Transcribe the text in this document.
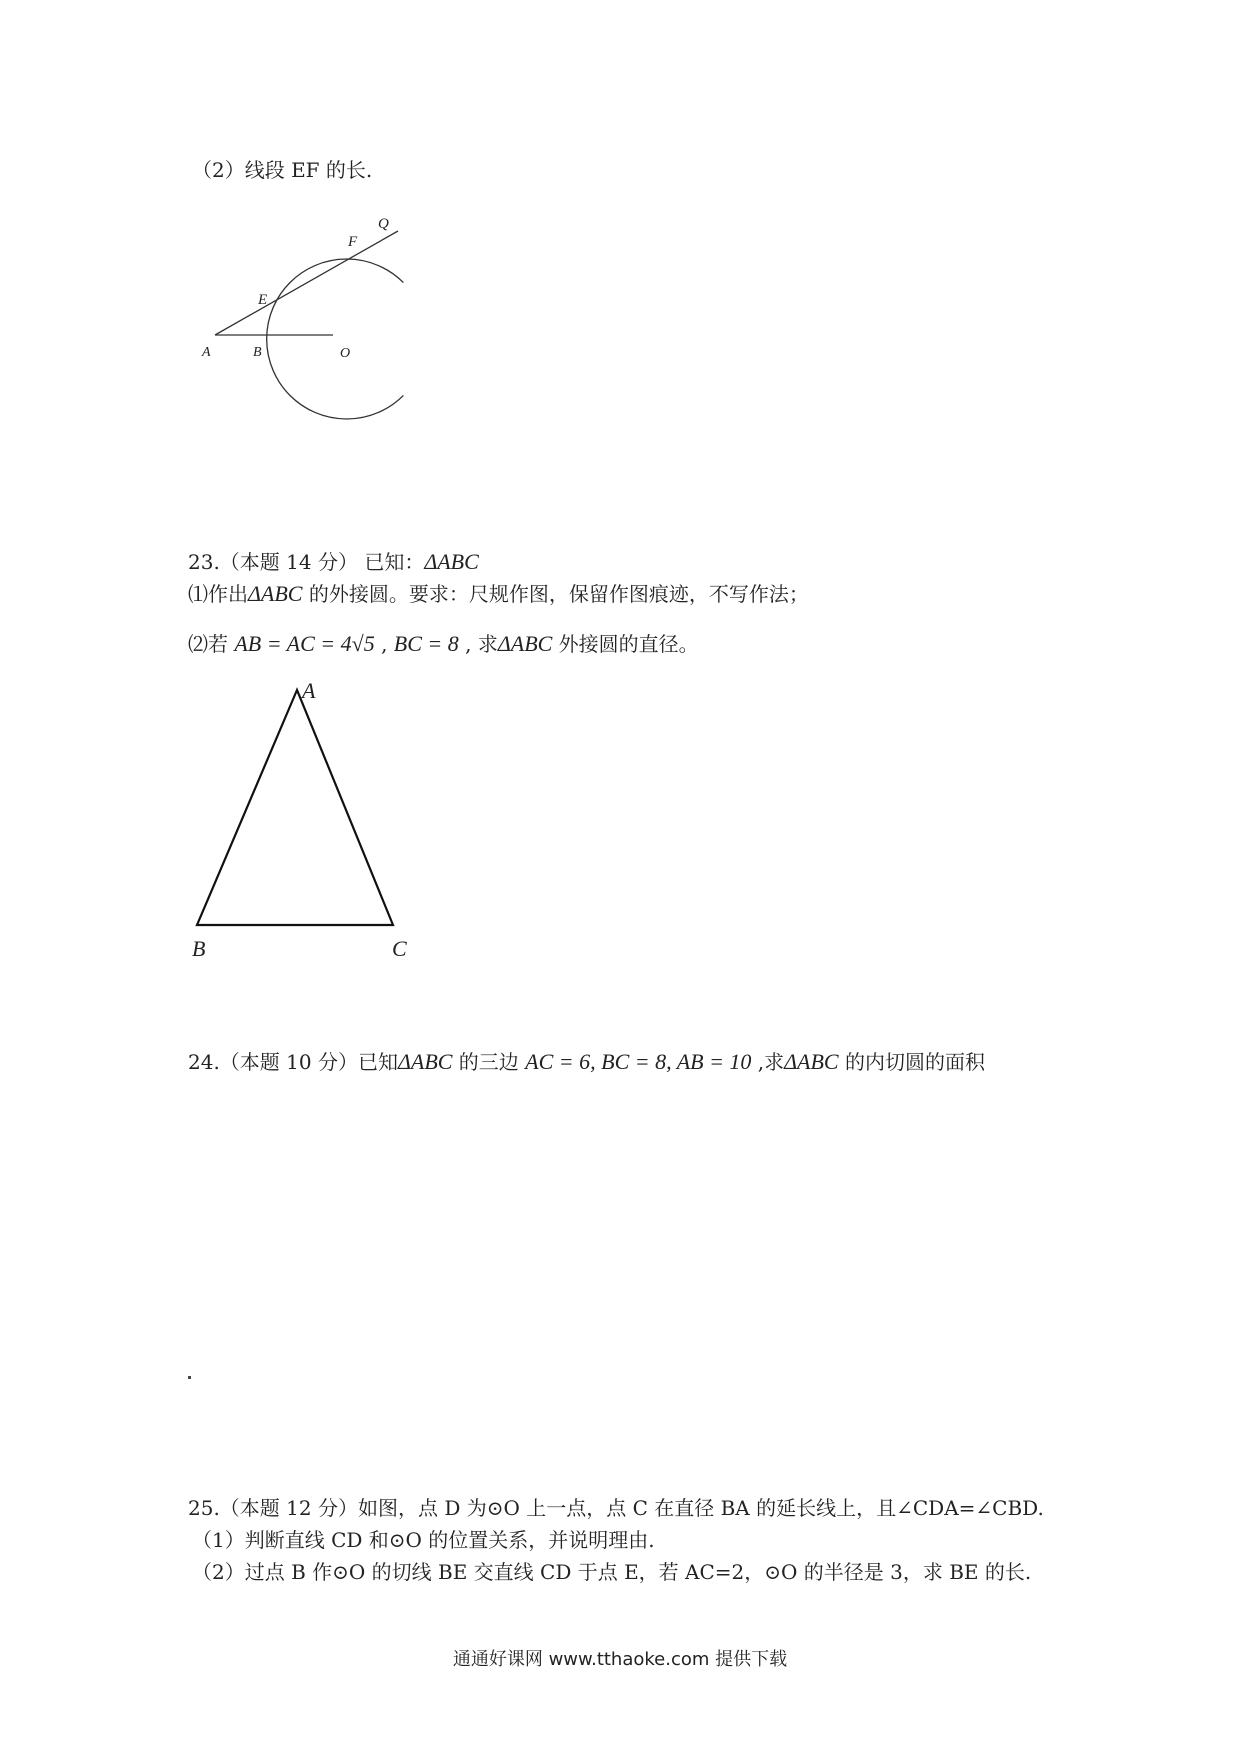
（2）线段 EF 的长.
Q
F
E
A	B	O
23.（本题 14 分） 已知：ΔABC
⑴作出ΔABC 的外接圆。要求：尺规作图，保留作图痕迹，不写作法；
⑵若 AB = AC = 4√5 , BC = 8 , 求ΔABC 外接圆的直径。
A
B	C
24.（本题 10 分）已知ΔABC 的三边 AC = 6, BC = 8, AB = 10 ,求ΔABC 的内切圆的面积
25.（本题 12 分）如图，点 D 为⊙O 上一点，点 C 在直径 BA 的延长线上，且∠CDA=∠CBD.
（1）判断直线 CD 和⊙O 的位置关系，并说明理由.
（2）过点 B 作⊙O 的切线 BE 交直线 CD 于点 E，若 AC=2，⊙O 的半径是 3，求 BE 的长.
通通好课网 www.tthaoke.com 提供下载
